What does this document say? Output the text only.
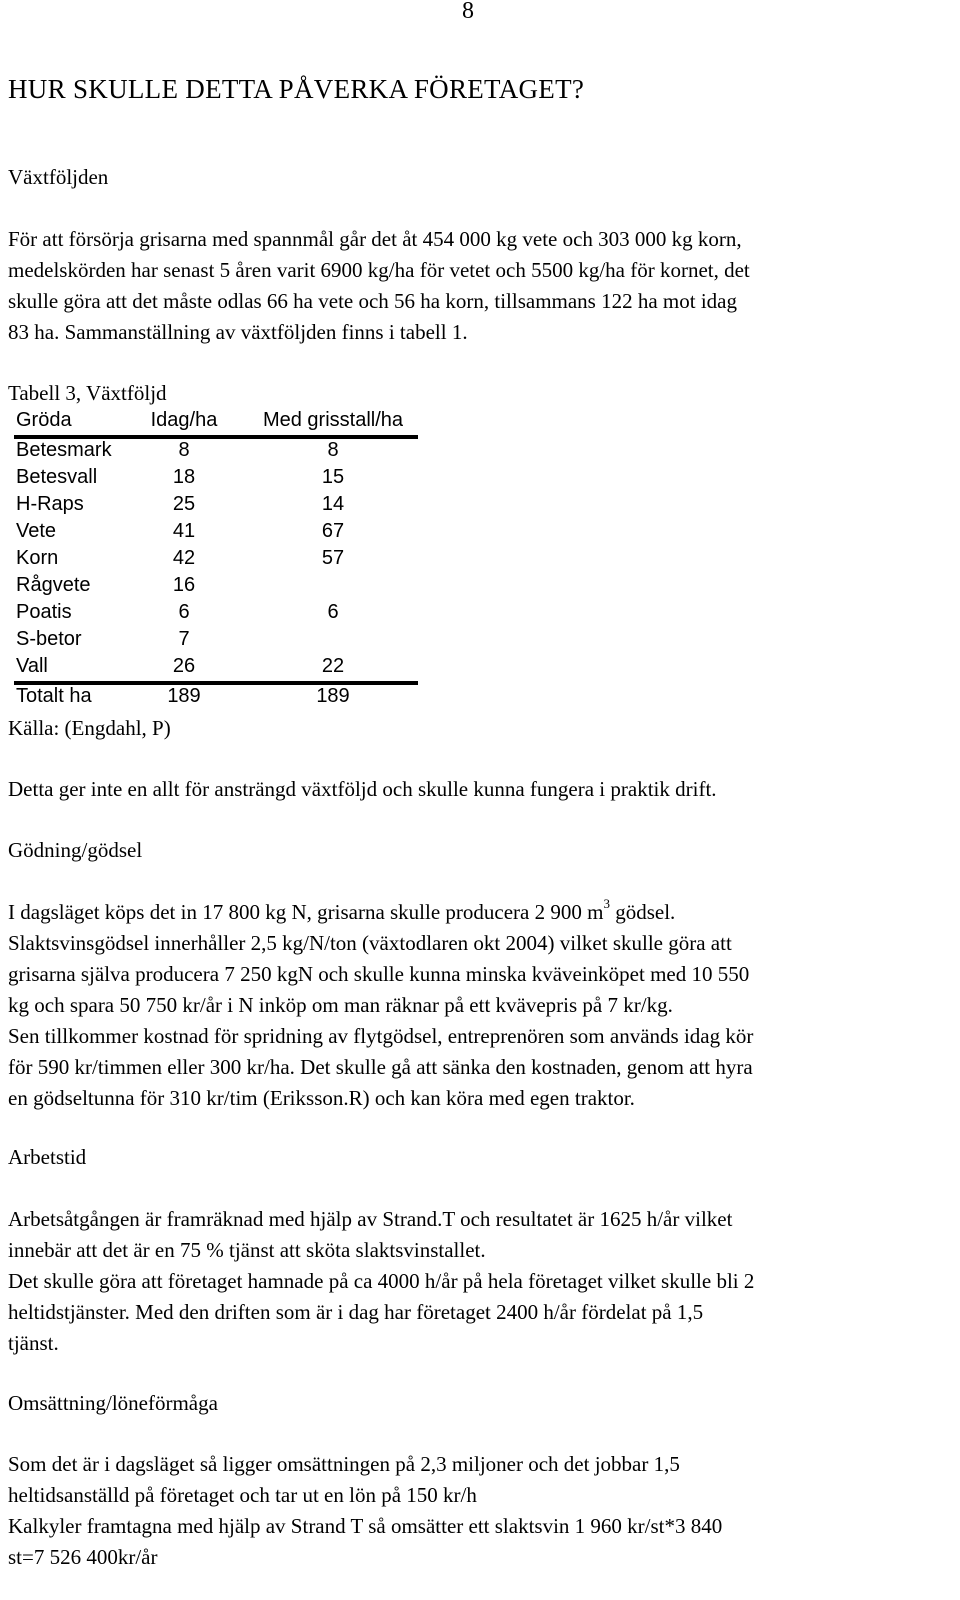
8
HUR SKULLE DETTA PÅVERKA FÖRETAGET?
Växtföljden
För att försörja grisarna med spannmål går det åt 454 000 kg vete och 303 000 kg korn,
medelskörden har senast 5 åren varit 6900 kg/ha för vetet och 5500 kg/ha för kornet, det
skulle göra att det måste odlas 66 ha vete och 56 ha korn, tillsammans 122 ha mot idag
83 ha. Sammanställning av växtföljden finns i tabell 1.
Tabell 3, Växtföljd
Gröda	Idag/ha	Med grisstall/ha
Betesmark	8	8
Betesvall	18	15
H-Raps	25	14
Vete	41	67
Korn	42	57
Rågvete	16
Poatis	6	6
S-betor	7
Vall	26	22
Totalt ha	189	189
Källa: (Engdahl, P)
Detta ger inte en allt för ansträngd växtföljd och skulle kunna fungera i praktik drift.
Gödning/gödsel
I dagsläget köps det in 17 800 kg N, grisarna skulle producera 2 900 $m^3$ gödsel.
Slaktsvinsgödsel innerhåller 2,5 kg/N/ton (växtodlaren okt 2004) vilket skulle göra att
grisarna själva producera 7 250 kgN och skulle kunna minska kväveinköpet med 10 550
kg och spara 50 750 kr/år i N inköp om man räknar på ett kvävepris på 7 kr/kg.
Sen tillkommer kostnad för spridning av flytgödsel, entreprenören som används idag kör
för 590 kr/timmen eller 300 kr/ha. Det skulle gå att sänka den kostnaden, genom att hyra
en gödseltunna för 310 kr/tim (Eriksson.R) och kan köra med egen traktor.
Arbetstid
Arbetsåtgången är framräknad med hjälp av Strand.T och resultatet är 1625 h/år vilket
innebär att det är en 75 % tjänst att sköta slaktsvinstallet.
Det skulle göra att företaget hamnade på ca 4000 h/år på hela företaget vilket skulle bli 2
heltidstjänster. Med den driften som är i dag har företaget 2400 h/år fördelat på 1,5
tjänst.
Omsättning/löneförmåga
Som det är i dagsläget så ligger omsättningen på 2,3 miljoner och det jobbar 1,5
heltidsanställd på företaget och tar ut en lön på 150 kr/h
Kalkyler framtagna med hjälp av Strand T så omsätter ett slaktsvin 1 960 kr/st*3 840
st=7 526 400kr/år
